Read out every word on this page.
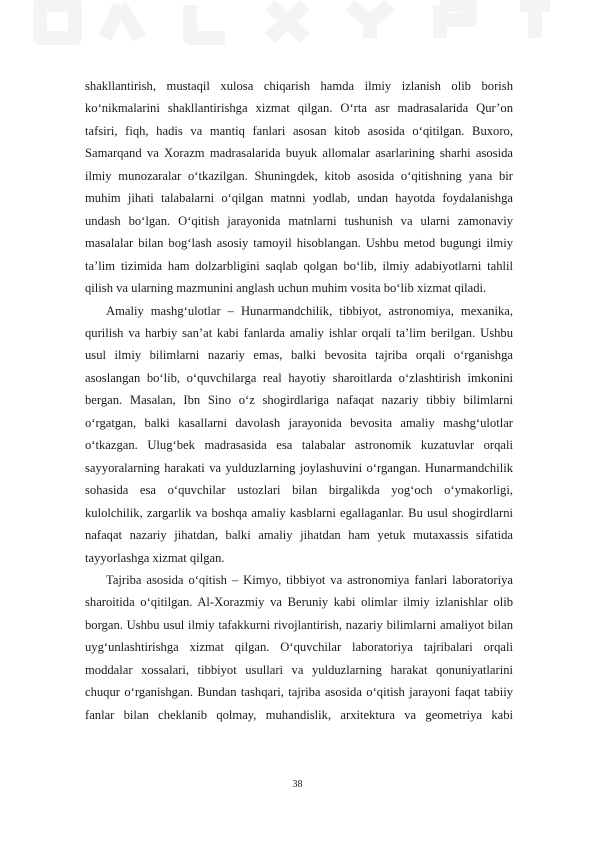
shakllantirish, mustaqil xulosa chiqarish hamda ilmiy izlanish olib borish ko‘nikmalarini shakllantirishga xizmat qilgan. O‘rta asr madrasalarida Qur’on tafsiri, fiqh, hadis va mantiq fanlari asosan kitob asosida o‘qitilgan. Buxoro, Samarqand va Xorazm madrasalarida buyuk allomalar asarlarining sharhi asosida ilmiy munozaralar o‘tkazilgan. Shuningdek, kitob asosida o‘qitishning yana bir muhim jihati talabalarni o‘qilgan matnni yodlab, undan hayotda foydalanishga undash bo‘lgan. O‘qitish jarayonida matnlarni tushunish va ularni zamonaviy masalalar bilan bog‘lash asosiy tamoyil hisoblangan. Ushbu metod bugungi ilmiy ta’lim tizimida ham dolzarbligini saqlab qolgan bo‘lib, ilmiy adabiyotlarni tahlil qilish va ularning mazmunini anglash uchun muhim vosita bo‘lib xizmat qiladi.

Amaliy mashg‘ulotlar – Hunarmandchilik, tibbiyot, astronomiya, mexanika, qurilish va harbiy san’at kabi fanlarda amaliy ishlar orqali ta’lim berilgan. Ushbu usul ilmiy bilimlarni nazariy emas, balki bevosita tajriba orqali o‘rganishga asoslangan bo‘lib, o‘quvchilarga real hayotiy sharoitlarda o‘zlashtirish imkonini bergan. Masalan, Ibn Sino o‘z shogirdlariga nafaqat nazariy tibbiy bilimlarni o‘rgatgan, balki kasallarni davolash jarayonida bevosita amaliy mashg‘ulotlar o‘tkazgan. Ulug‘bek madrasasida esa talabalar astronomik kuzatuvlar orqali sayyoralarning harakati va yulduzlarning joylashuvini o‘rgangan. Hunarmandchilik sohasida esa o‘quvchilar ustozlari bilan birgalikda yog‘och o‘ymakorligi, kulolchilik, zargarlik va boshqa amaliy kasblarni egallaganlar. Bu usul shogirdlarni nafaqat nazariy jihatdan, balki amaliy jihatdan ham yetuk mutaxassis sifatida tayyorlashga xizmat qilgan.

Tajriba asosida o‘qitish – Kimyo, tibbiyot va astronomiya fanlari laboratoriya sharoitida o‘qitilgan. Al-Xorazmiy va Beruniy kabi olimlar ilmiy izlanishlar olib borgan. Ushbu usul ilmiy tafakkurni rivojlantirish, nazariy bilimlarni amaliyot bilan uyg‘unlashtirishga xizmat qilgan. O‘quvchilar laboratoriya tajribalari orqali moddalar xossalari, tibbiyot usullari va yulduzlarning harakat qonuniyatlarini chuqur o‘rganishgan. Bundan tashqari, tajriba asosida o‘qitish jarayoni faqat tabiiy fanlar bilan cheklanib qolmay, muhandislik, arxitektura va geometriya kabi

38
